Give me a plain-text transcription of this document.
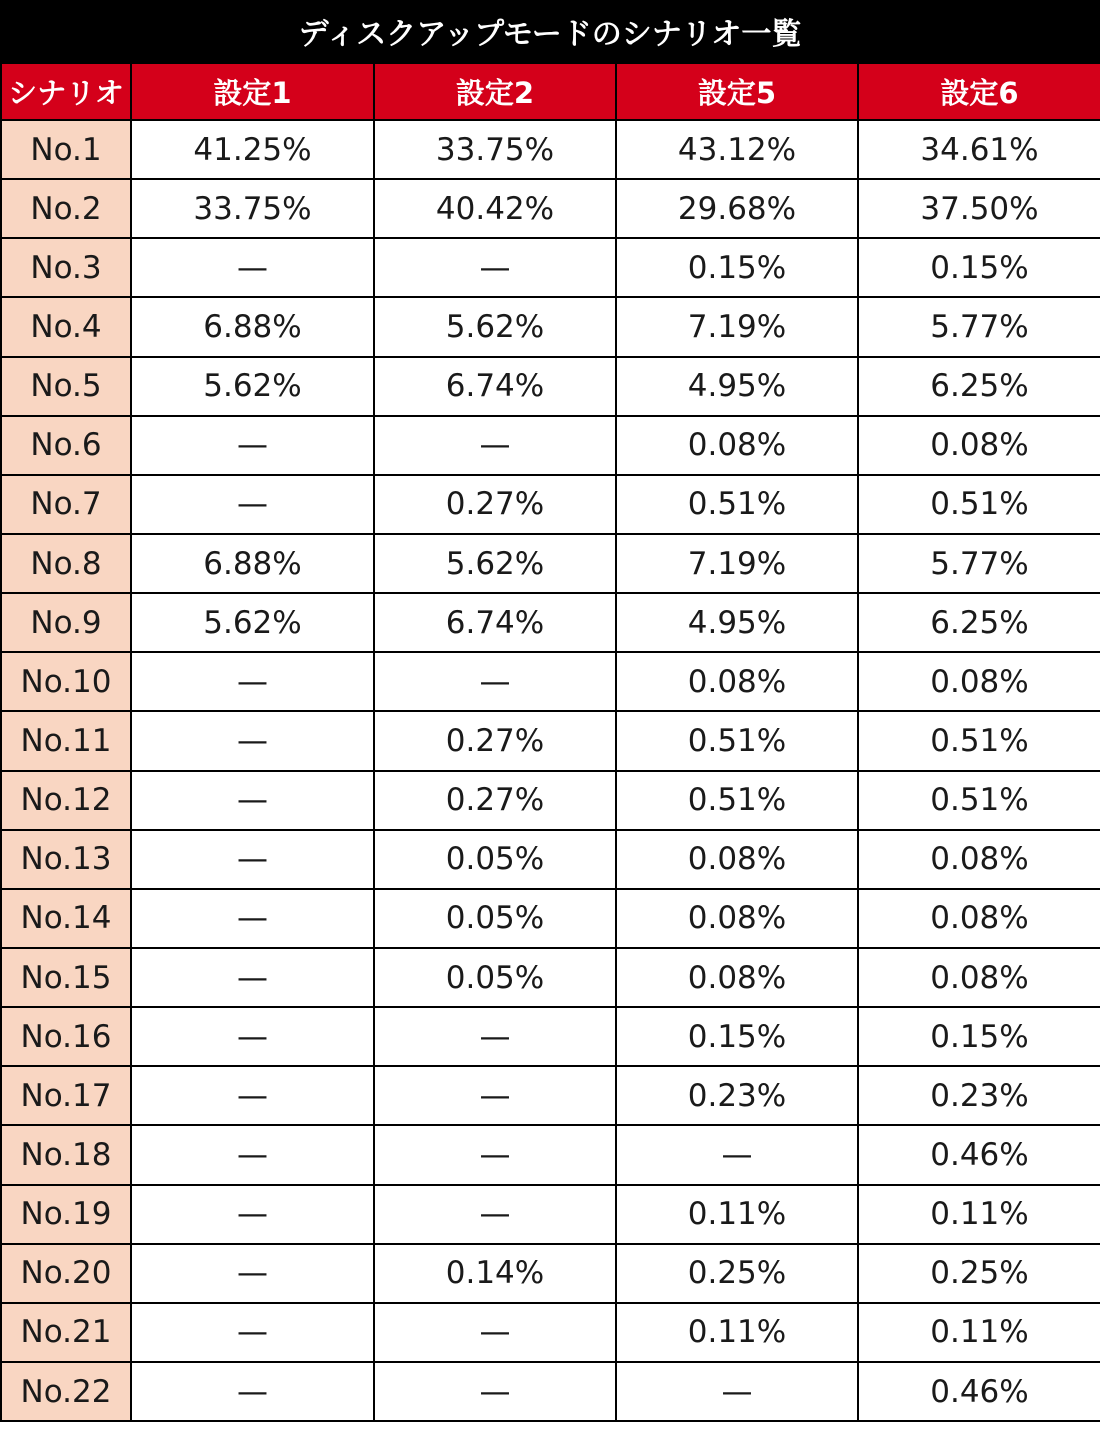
ディスクアップモードのシナリオ一覧
シナリオ	設定1	設定2	設定5	設定6
No.1	41.25%	33.75%	43.12%	34.61%
No.2	33.75%	40.42%	29.68%	37.50%
No.3	—	—	0.15%	0.15%
No.4	6.88%	5.62%	7.19%	5.77%
No.5	5.62%	6.74%	4.95%	6.25%
No.6	—	—	0.08%	0.08%
No.7	—	0.27%	0.51%	0.51%
No.8	6.88%	5.62%	7.19%	5.77%
No.9	5.62%	6.74%	4.95%	6.25%
No.10	—	—	0.08%	0.08%
No.11	—	0.27%	0.51%	0.51%
No.12	—	0.27%	0.51%	0.51%
No.13	—	0.05%	0.08%	0.08%
No.14	—	0.05%	0.08%	0.08%
No.15	—	0.05%	0.08%	0.08%
No.16	—	—	0.15%	0.15%
No.17	—	—	0.23%	0.23%
No.18	—	—	—	0.46%
No.19	—	—	0.11%	0.11%
No.20	—	0.14%	0.25%	0.25%
No.21	—	—	0.11%	0.11%
No.22	—	—	—	0.46%
